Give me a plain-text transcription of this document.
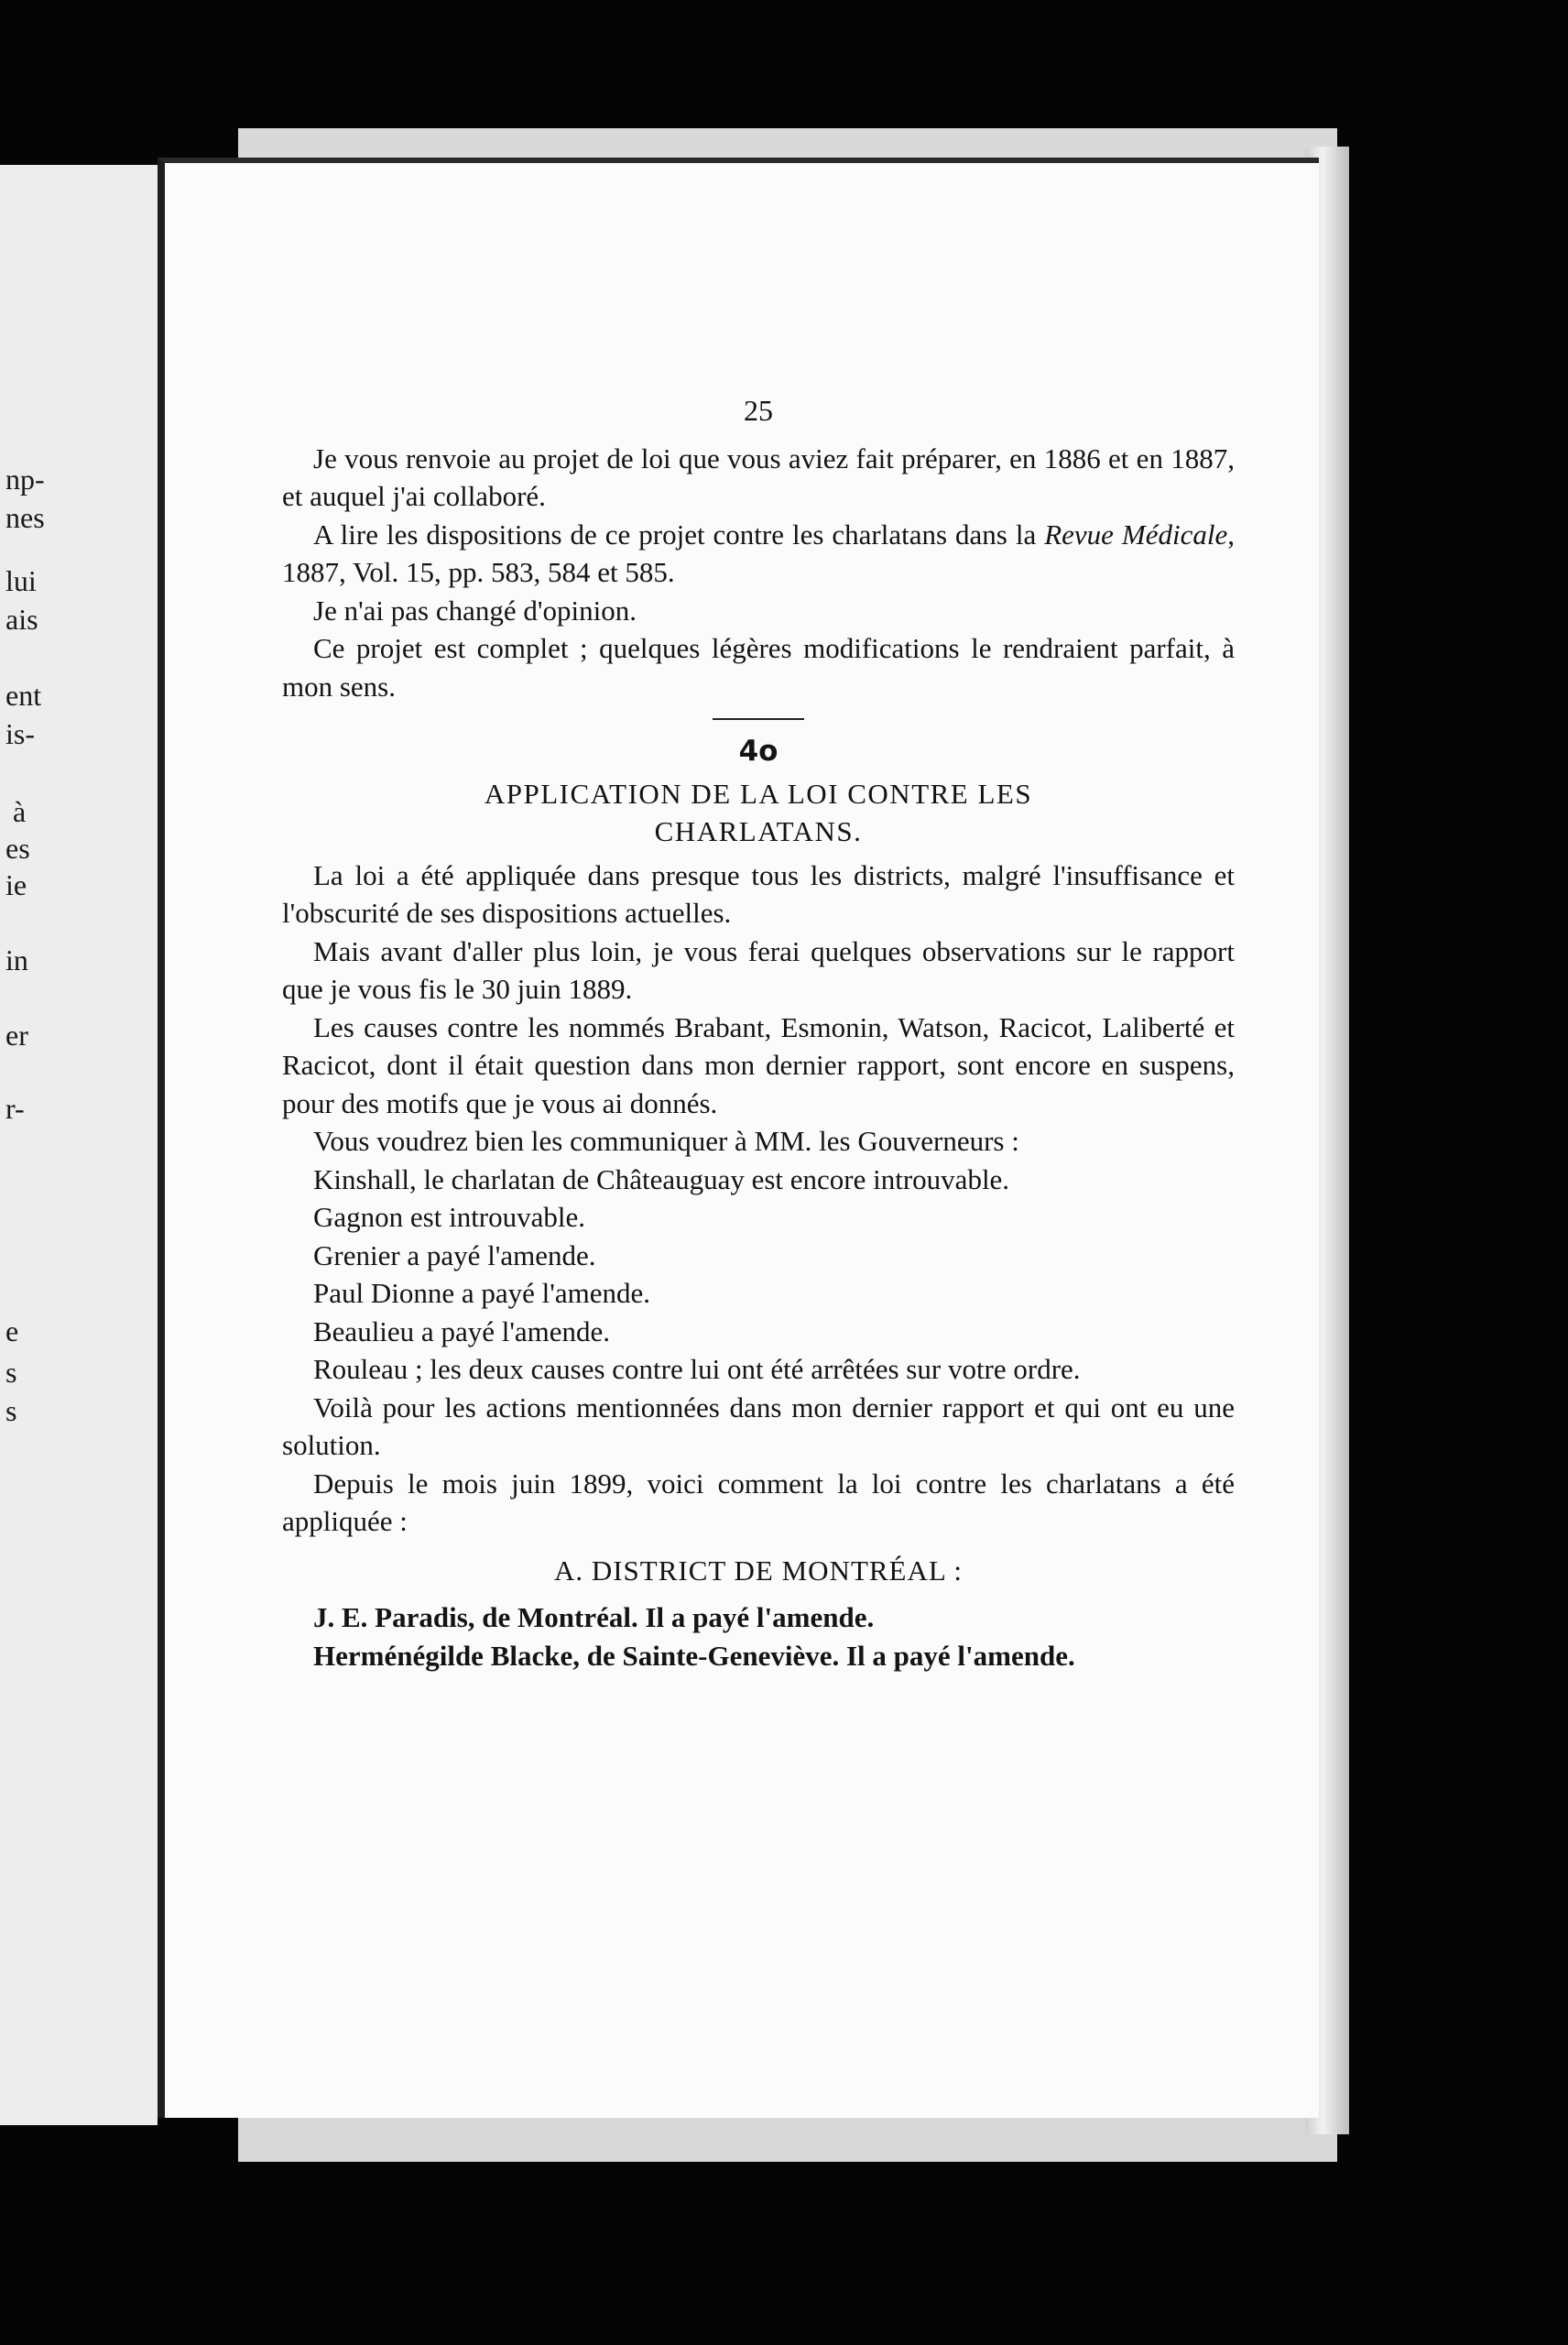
np-
nes
lui
ais
ent
is-
à
es
ie
in
er
r-
e
s
s
25

Je vous renvoie au projet de loi que vous aviez fait préparer, en 1886 et en 1887, et auquel j'ai collaboré.

A lire les dispositions de ce projet contre les charlatans dans la Revue Médicale, 1887, Vol. 15, pp. 583, 584 et 585.

Je n'ai pas changé d'opinion.

Ce projet est complet ; quelques légères modifications le rendraient parfait, à mon sens.

4o
APPLICATION DE LA LOI CONTRE LES
CHARLATANS.

La loi a été appliquée dans presque tous les districts, malgré l'insuffisance et l'obscurité de ses dispositions actuelles.

Mais avant d'aller plus loin, je vous ferai quelques observations sur le rapport que je vous fis le 30 juin 1889.

Les causes contre les nommés Brabant, Esmonin, Watson, Racicot, Laliberté et Racicot, dont il était question dans mon dernier rapport, sont encore en suspens, pour des motifs que je vous ai donnés.

Vous voudrez bien les communiquer à MM. les Gouverneurs :

Kinshall, le charlatan de Châteauguay est encore introuvable.

Gagnon est introuvable.

Grenier a payé l'amende.

Paul Dionne a payé l'amende.

Beaulieu a payé l'amende.

Rouleau ; les deux causes contre lui ont été arrêtées sur votre ordre.

Voilà pour les actions mentionnées dans mon dernier rapport et qui ont eu une solution.

Depuis le mois juin 1899, voici comment la loi contre les charlatans a été appliquée :

A. DISTRICT DE MONTRÉAL :

J. E. Paradis, de Montréal. Il a payé l'amende.

Herménégilde Blacke, de Sainte-Geneviève. Il a payé l'amende.
